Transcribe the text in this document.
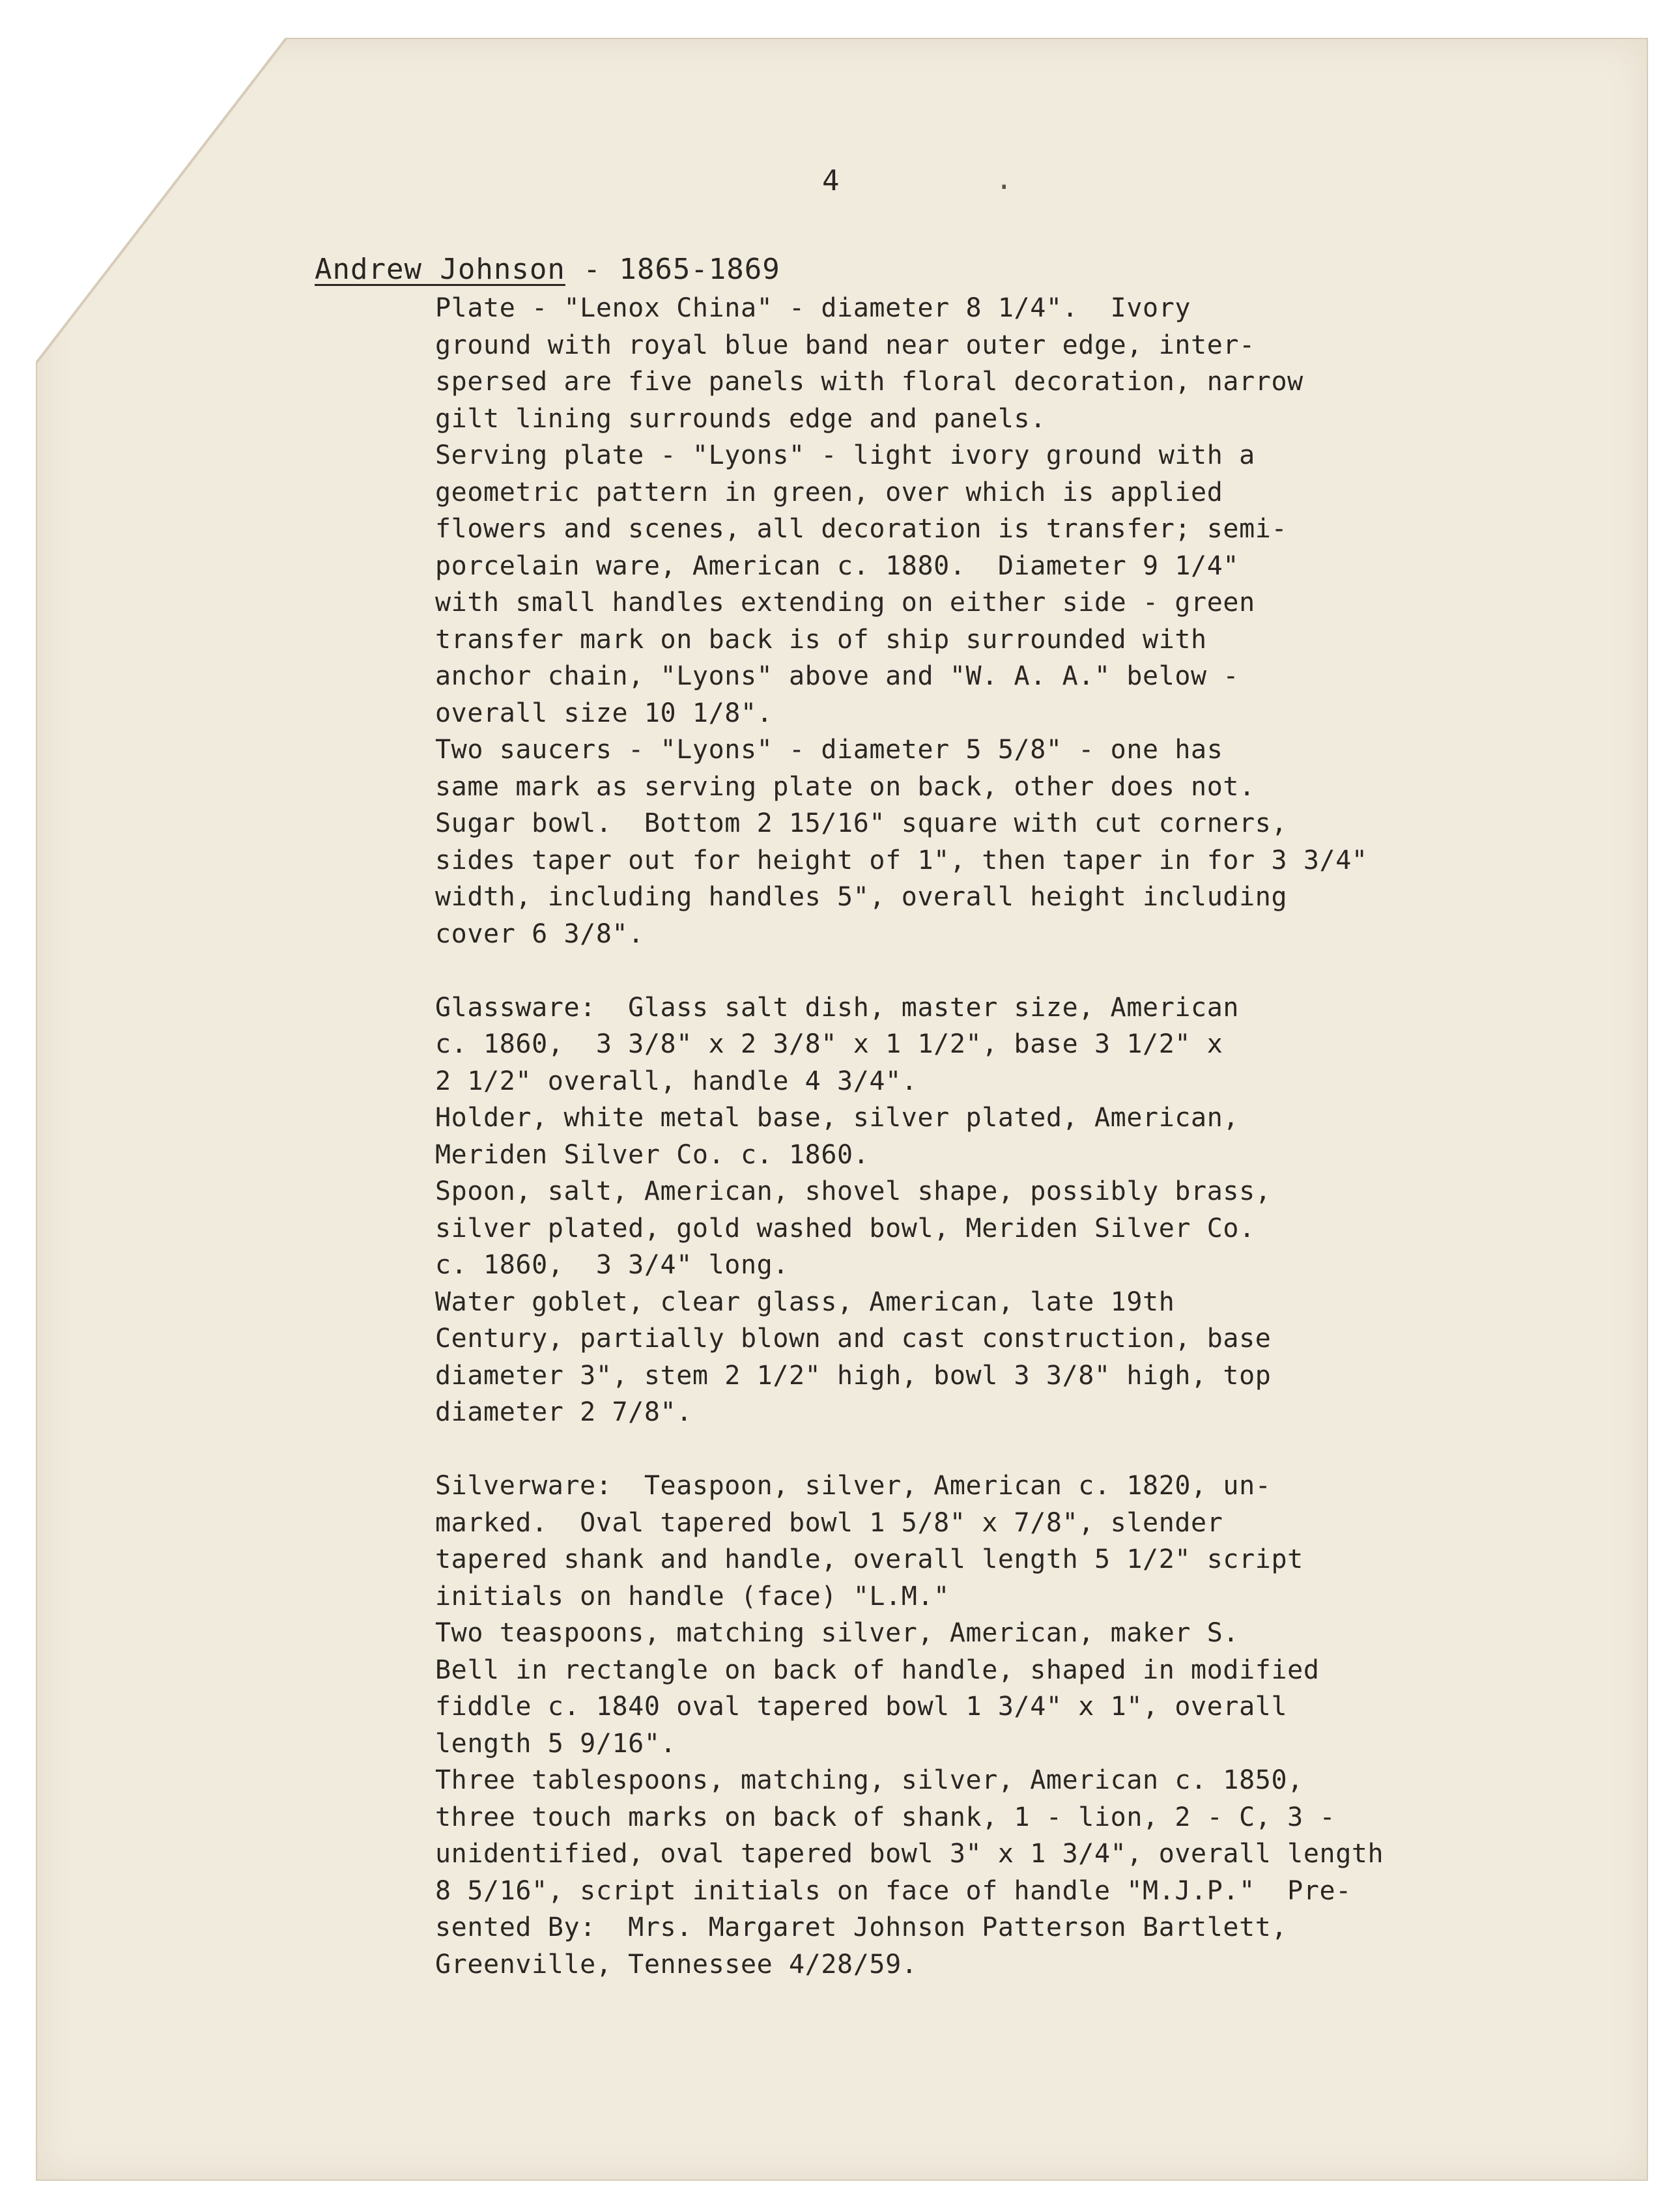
4	.
Andrew Johnson - 1865-1869
Plate - "Lenox China" - diameter 8 1/4".  Ivory
ground with royal blue band near outer edge, inter-
spersed are five panels with floral decoration, narrow
gilt lining surrounds edge and panels.
Serving plate - "Lyons" - light ivory ground with a
geometric pattern in green, over which is applied
flowers and scenes, all decoration is transfer; semi-
porcelain ware, American c. 1880.  Diameter 9 1/4"
with small handles extending on either side - green
transfer mark on back is of ship surrounded with
anchor chain, "Lyons" above and "W. A. A." below -
overall size 10 1/8".
Two saucers - "Lyons" - diameter 5 5/8" - one has
same mark as serving plate on back, other does not.
Sugar bowl.  Bottom 2 15/16" square with cut corners,
sides taper out for height of 1", then taper in for 3 3/4"
width, including handles 5", overall height including
cover 6 3/8".
Glassware:  Glass salt dish, master size, American
c. 1860,  3 3/8" x 2 3/8" x 1 1/2", base 3 1/2" x
2 1/2" overall, handle 4 3/4".
Holder, white metal base, silver plated, American,
Meriden Silver Co. c. 1860.
Spoon, salt, American, shovel shape, possibly brass,
silver plated, gold washed bowl, Meriden Silver Co.
c. 1860,  3 3/4" long.
Water goblet, clear glass, American, late 19th
Century, partially blown and cast construction, base
diameter 3", stem 2 1/2" high, bowl 3 3/8" high, top
diameter 2 7/8".
Silverware:  Teaspoon, silver, American c. 1820, un-
marked.  Oval tapered bowl 1 5/8" x 7/8", slender
tapered shank and handle, overall length 5 1/2" script
initials on handle (face) "L.M."
Two teaspoons, matching silver, American, maker S.
Bell in rectangle on back of handle, shaped in modified
fiddle c. 1840 oval tapered bowl 1 3/4" x 1", overall
length 5 9/16".
Three tablespoons, matching, silver, American c. 1850,
three touch marks on back of shank, 1 - lion, 2 - C, 3 -
unidentified, oval tapered bowl 3" x 1 3/4", overall length
8 5/16", script initials on face of handle "M.J.P."  Pre-
sented By:  Mrs. Margaret Johnson Patterson Bartlett,
Greenville, Tennessee 4/28/59.
